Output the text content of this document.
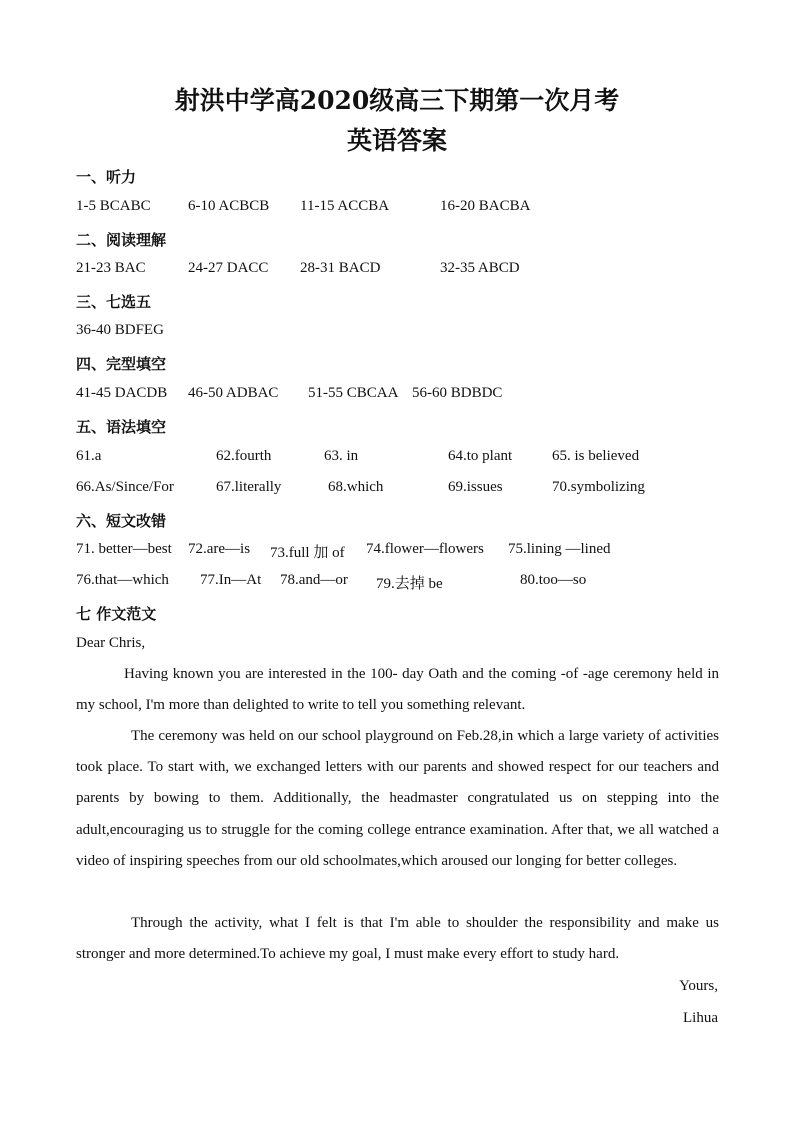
射洪中学高2020级高三下期第一次月考
英语答案
一、听力
1-5 BCABC 6-10 ACBCB 11-15 ACCBA	16-20 BACBA
二、阅读理解
21-23 BAC	24-27 DACC 28-31 BACD	32-35 ABCD
三、七选五
36-40 BDFEG
四、完型填空
41-45 DACDB 46-50 ADBAC 51-55 CBCAA 56-60 BDBDC
五、语法填空
61.a	62.fourth	63. in	64.to plant	65. is believed
66.As/Since/For	67.literally	68.which	69.issues	70.symbolizing
六、短文改错
71. better—best 72.are—is 73.full 加 of 74.flower—flowers 75.lining —lined
76.that—which 77.In—At 78.and—or 79.去掉 be	80.too—so
七 作文范文
Dear Chris,

Having known you are interested in the 100- day Oath and the coming -of -age ceremony held in my school, I'm more than delighted to write to tell you something relevant.

The ceremony was held on our school playground on Feb.28,in which a large variety of activities took place. To start with, we exchanged letters with our parents and showed respect for our teachers and parents by bowing to them. Additionally, the headmaster congratulated us on stepping into the adult,encouraging us to struggle for the coming college entrance examination. After that, we all watched a video of inspiring speeches from our old schoolmates,which aroused our longing for better colleges.

Through the activity, what I felt is that I'm able to shoulder the responsibility and make us stronger and more determined.To achieve my goal, I must make every effort to study hard.

Yours,
Lihua
